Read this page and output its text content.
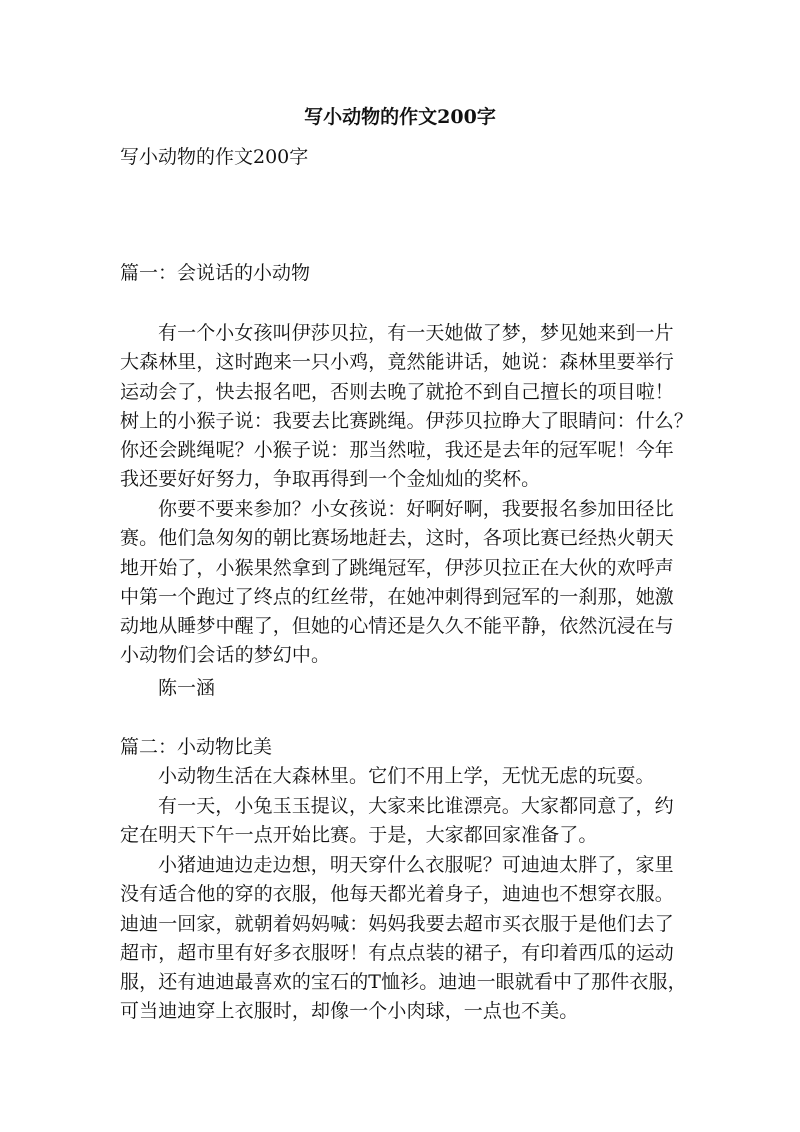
写小动物的作文200字
写小动物的作文200字
篇一：会说话的小动物
有一个小女孩叫伊莎贝拉，有一天她做了梦，梦见她来到一片
大森林里，这时跑来一只小鸡，竟然能讲话，她说：森林里要举行
运动会了，快去报名吧，否则去晚了就抢不到自己擅长的项目啦！
树上的小猴子说：我要去比赛跳绳。伊莎贝拉睁大了眼睛问：什么？
你还会跳绳呢？小猴子说：那当然啦，我还是去年的冠军呢！今年
我还要好好努力，争取再得到一个金灿灿的奖杯。
你要不要来参加？小女孩说：好啊好啊，我要报名参加田径比
赛。他们急匆匆的朝比赛场地赶去，这时，各项比赛已经热火朝天
地开始了，小猴果然拿到了跳绳冠军，伊莎贝拉正在大伙的欢呼声
中第一个跑过了终点的红丝带，在她冲刺得到冠军的一刹那，她激
动地从睡梦中醒了，但她的心情还是久久不能平静，依然沉浸在与
小动物们会话的梦幻中。
陈一涵
篇二：小动物比美
小动物生活在大森林里。它们不用上学，无忧无虑的玩耍。
有一天，小兔玉玉提议，大家来比谁漂亮。大家都同意了，约
定在明天下午一点开始比赛。于是，大家都回家准备了。
小猪迪迪边走边想，明天穿什么衣服呢？可迪迪太胖了，家里
没有适合他的穿的衣服，他每天都光着身子，迪迪也不想穿衣服。
迪迪一回家，就朝着妈妈喊：妈妈我要去超市买衣服于是他们去了
超市，超市里有好多衣服呀！有点点装的裙子，有印着西瓜的运动
服，还有迪迪最喜欢的宝石的T恤衫。迪迪一眼就看中了那件衣服，
可当迪迪穿上衣服时，却像一个小肉球，一点也不美。
